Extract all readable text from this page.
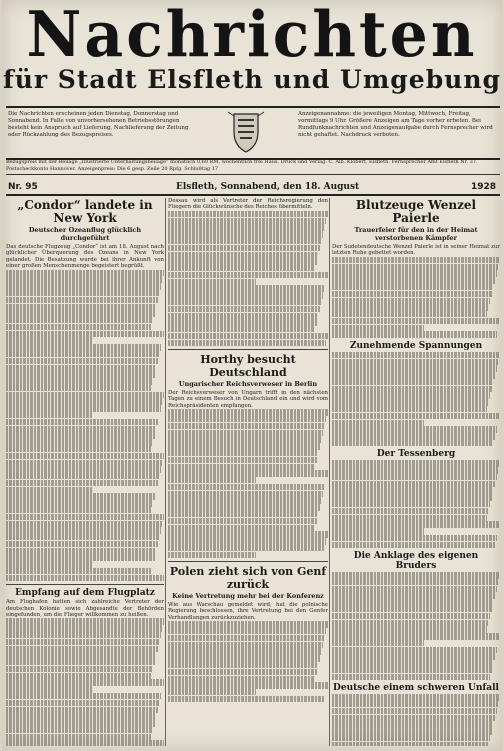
Nachrichten
für Stadt Elsfleth und Umgebung
Die Nachrichten erscheinen jeden Dienstag, Donnerstag und Sonnabend. In Falle von unvorhersehenen Betriebsstörungen besteht kein Anspruch auf Lieferung, Nachlieferung der Zeitung oder Rückzahlung des Bezugspreises.
Anzeigenannahme: die jeweiligen Montag, Mittwoch, Freitag, vormittags 9 Uhr. Größere Anzeigen am Tage vorher erbeten. Bei Rundfunknachrichten und Anzeigenaufgabe durch Fernsprecher wird nicht gehaftet. Nachdruck verboten.
Bezugspreis mit der Beilage „Illustrierte Unterhaltungsbeilage“ monatlich 0,60 RM, wöchentlich frei Haus. Druck und Verlag: C. Alb. Klöbert, Elsfleth. Fernsprecher Amt Elsfleth Nr. 37. Postscheckkonto Hannover. Anzeigenpreis: Die 6 gesp. Zeile 20 Rpfg. Schlußtag 17
Nr. 95	Elsfleth, Sonnabend, den 18. August	1928
„Condor“ landete in New York
Deutscher Ozeanflug glücklich durchgeführt
Das deutsche Flugzeug „Condor“ ist am 18. August nach glücklicher Überquerung des Ozeans in New York gelandet. Die Besatzung wurde bei ihrer Ankunft von einer großen Menschenmenge begeistert begrüßt.
Empfang auf dem Flugplatz
Am Flughafen hatten sich zahlreiche Vertreter der deutschen Kolonie sowie Abgesandte der Behörden eingefunden, um die Flieger willkommen zu heißen.
Dessau wird als Vertreter der Reichsregierung den Fliegern die Glückwünsche des Reiches übermitteln.
Horthy besucht Deutschland
Ungarischer Reichsverweser in Berlin
Der Reichsverweser von Ungarn trifft in den nächsten Tagen zu einem Besuch in Deutschland ein und wird vom Reichspräsidenten empfangen.
Polen zieht sich von Genf zurück
Keine Vertretung mehr bei der Konferenz
Wie aus Warschau gemeldet wird, hat die polnische Regierung beschlossen, ihre Vertretung bei den Genfer Verhandlungen zurückzuziehen.
Blutzeuge Wenzel Paierle
Trauerfeier für den in der Heimat verstorbenen Kämpfer
Der Sudetendeutsche Wenzel Paierle ist in seiner Heimat zur letzten Ruhe gebettet worden.
Zunehmende Spannungen
Der Tessenberg
Die Anklage des eigenen Bruders
Deutsche einem schweren Unfall
